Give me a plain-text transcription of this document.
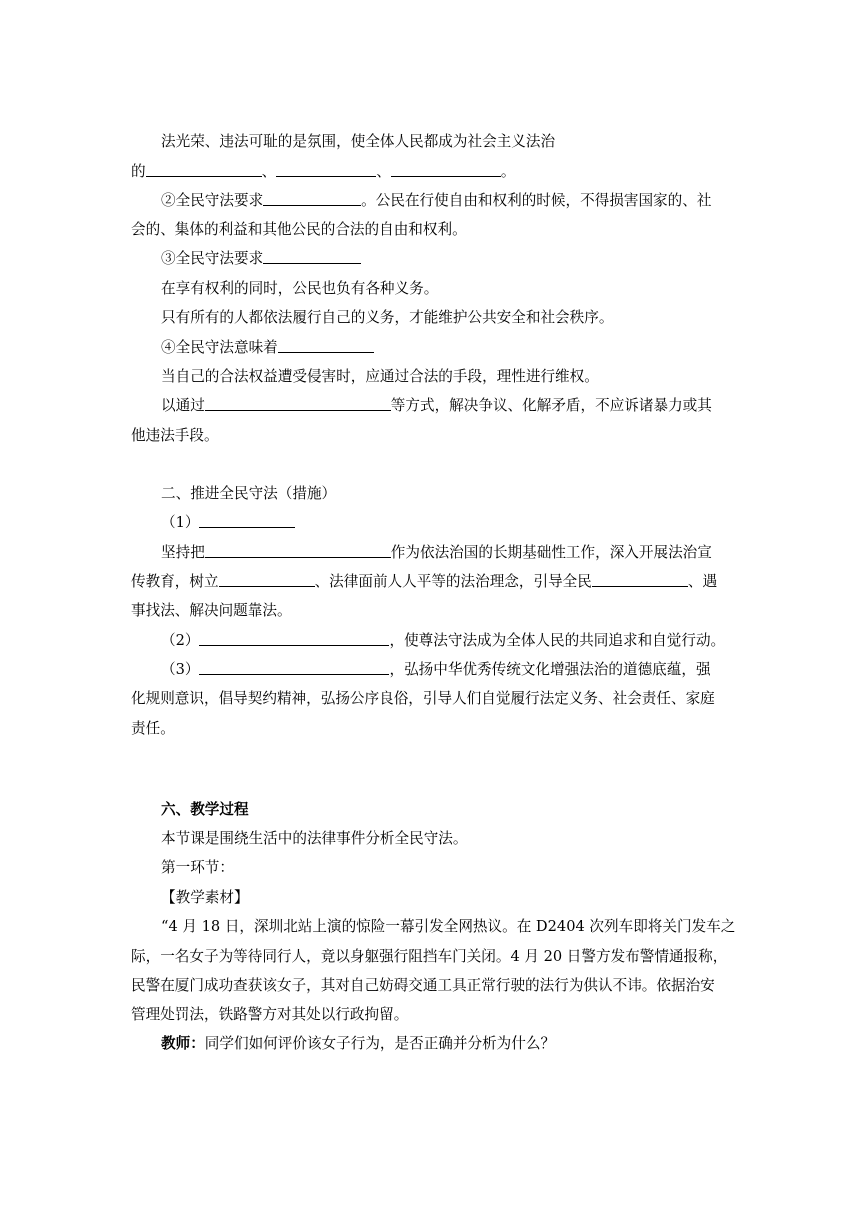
法光荣、违法可耻的是氛围，使全体人民都成为社会主义法治
的	、	、	。
②全民守法要求	。公民在行使自由和权利的时候，不得损害国家的、社
会的、集体的利益和其他公民的合法的自由和权利。
③全民守法要求
在享有权利的同时，公民也负有各种义务。
只有所有的人都依法履行自己的义务，才能维护公共安全和社会秩序。
④全民守法意味着
当自己的合法权益遭受侵害时，应通过合法的手段，理性进行维权。
以通过	等方式，解决争议、化解矛盾，不应诉诸暴力或其
他违法手段。
二、推进全民守法（措施）
（1）
坚持把	作为依法治国的长期基础性工作，深入开展法治宣
传教育，树立	、法律面前人人平等的法治理念，引导全民	、遇
事找法、解决问题靠法。
（2）	，使尊法守法成为全体人民的共同追求和自觉行动。
（3）	，弘扬中华优秀传统文化增强法治的道德底蕴，强
化规则意识，倡导契约精神，弘扬公序良俗，引导人们自觉履行法定义务、社会责任、家庭
责任。
六、教学过程
本节课是围绕生活中的法律事件分析全民守法。
第一环节：
【教学素材】
“4 月 18 日，深圳北站上演的惊险一幕引发全网热议。在 D2404 次列车即将关门发车之
际，一名女子为等待同行人，竟以身躯强行阻挡车门关闭。4 月 20 日警方发布警情通报称，
民警在厦门成功查获该女子，其对自己妨碍交通工具正常行驶的法行为供认不讳。依据治安
管理处罚法，铁路警方对其处以行政拘留。
教师：同学们如何评价该女子行为，是否正确并分析为什么？
